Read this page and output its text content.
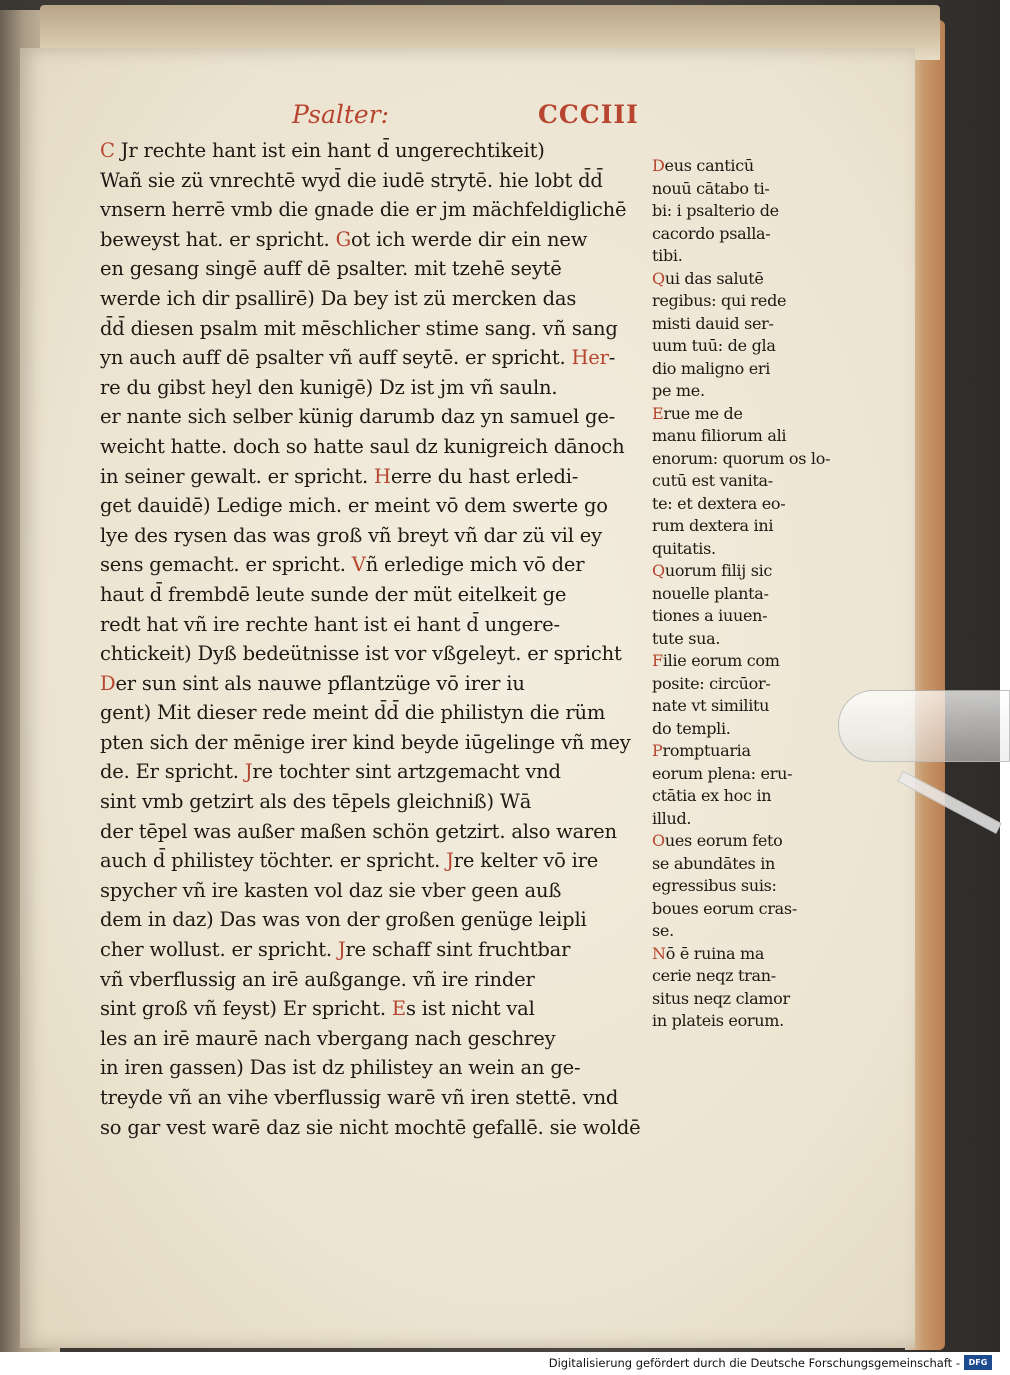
Psalter:	CCCIII
C Jr rechte hant ist ein hant d̄ ungerechtikeit)
Wañ sie zü vnrechtē wyd̄ die iudē strytē. hie lobt d̄d̄
vnsern herrē vmb die gnade die er jm mächfeldiglichē
beweyst hat. er spricht. Got ich werde dir ein new
en gesang singē auff dē psalter. mit tzehē seytē
werde ich dir psallirē) Da bey ist zü mercken das
d̄d̄ diesen psalm mit mēschlicher stime sang. vñ sang
yn auch auff dē psalter vñ auff seytē. er spricht. Her-
re du gibst heyl den kunigē) Dz ist jm vñ sauln.
er nante sich selber künig darumb daz yn samuel ge-
weicht hatte. doch so hatte saul dz kunigreich dānoch
in seiner gewalt. er spricht. Herre du hast erledi-
get dauidē) Ledige mich. er meint vō dem swerte go
lye des rysen das was groß vñ breyt vñ dar zü vil ey
sens gemacht. er spricht. Vñ erledige mich vō der
haut d̄ frembdē leute sunde der müt eitelkeit ge
redt hat vñ ire rechte hant ist ei hant d̄ ungere-
chtickeit) Dyß bedeütnisse ist vor vßgeleyt. er spricht
Der sun sint als nauwe pflantzüge vō irer iu
gent) Mit dieser rede meint d̄d̄ die philistyn die rüm
pten sich der mēnige irer kind beyde iūgelinge vñ mey
de. Er spricht. Jre tochter sint artzgemacht vnd
sint vmb getzirt als des tēpels gleichniß) Wā
der tēpel was außer maßen schön getzirt. also waren
auch d̄ philistey töchter. er spricht. Jre kelter vō ire
spycher vñ ire kasten vol daz sie vber geen auß
dem in daz) Das was von der großen genüge leipli
cher wollust. er spricht. Jre schaff sint fruchtbar
vñ vberflussig an irē außgange. vñ ire rinder
sint groß vñ feyst) Er spricht. Es ist nicht val
les an irē maurē nach vbergang nach geschrey
in iren gassen) Das ist dz philistey an wein an ge-
treyde vñ an vihe vberflussig warē vñ iren stettē. vnd
so gar vest warē daz sie nicht mochtē gefallē. sie woldē
Deus canticū
nouū cātabo ti-
bi: i psalterio de
cacordo psalla-
tibi.
Qui das salutē
regibus: qui rede
misti dauid ser-
uum tuū: de gla
dio maligno eri
pe me.
Erue me de
manu filiorum ali
enorum: quorum os lo-
cutū est vanita-
te: et dextera eo-
rum dextera ini
quitatis.
Quorum filij sic
nouelle planta-
tiones a iuuen-
tute sua.
Filie eorum com
posite: circūor-
nate vt similitu
do templi.
Promptuaria
eorum plena: eru-
ctātia ex hoc in
illud.
Oues eorum feto
se abundātes in
egressibus suis:
boues eorum cras-
se.
Nō ē ruina ma
cerie neqz tran-
situs neqz clamor
in plateis eorum.
Digitalisierung gefördert durch die Deutsche Forschungsgemeinschaft -	DFG
